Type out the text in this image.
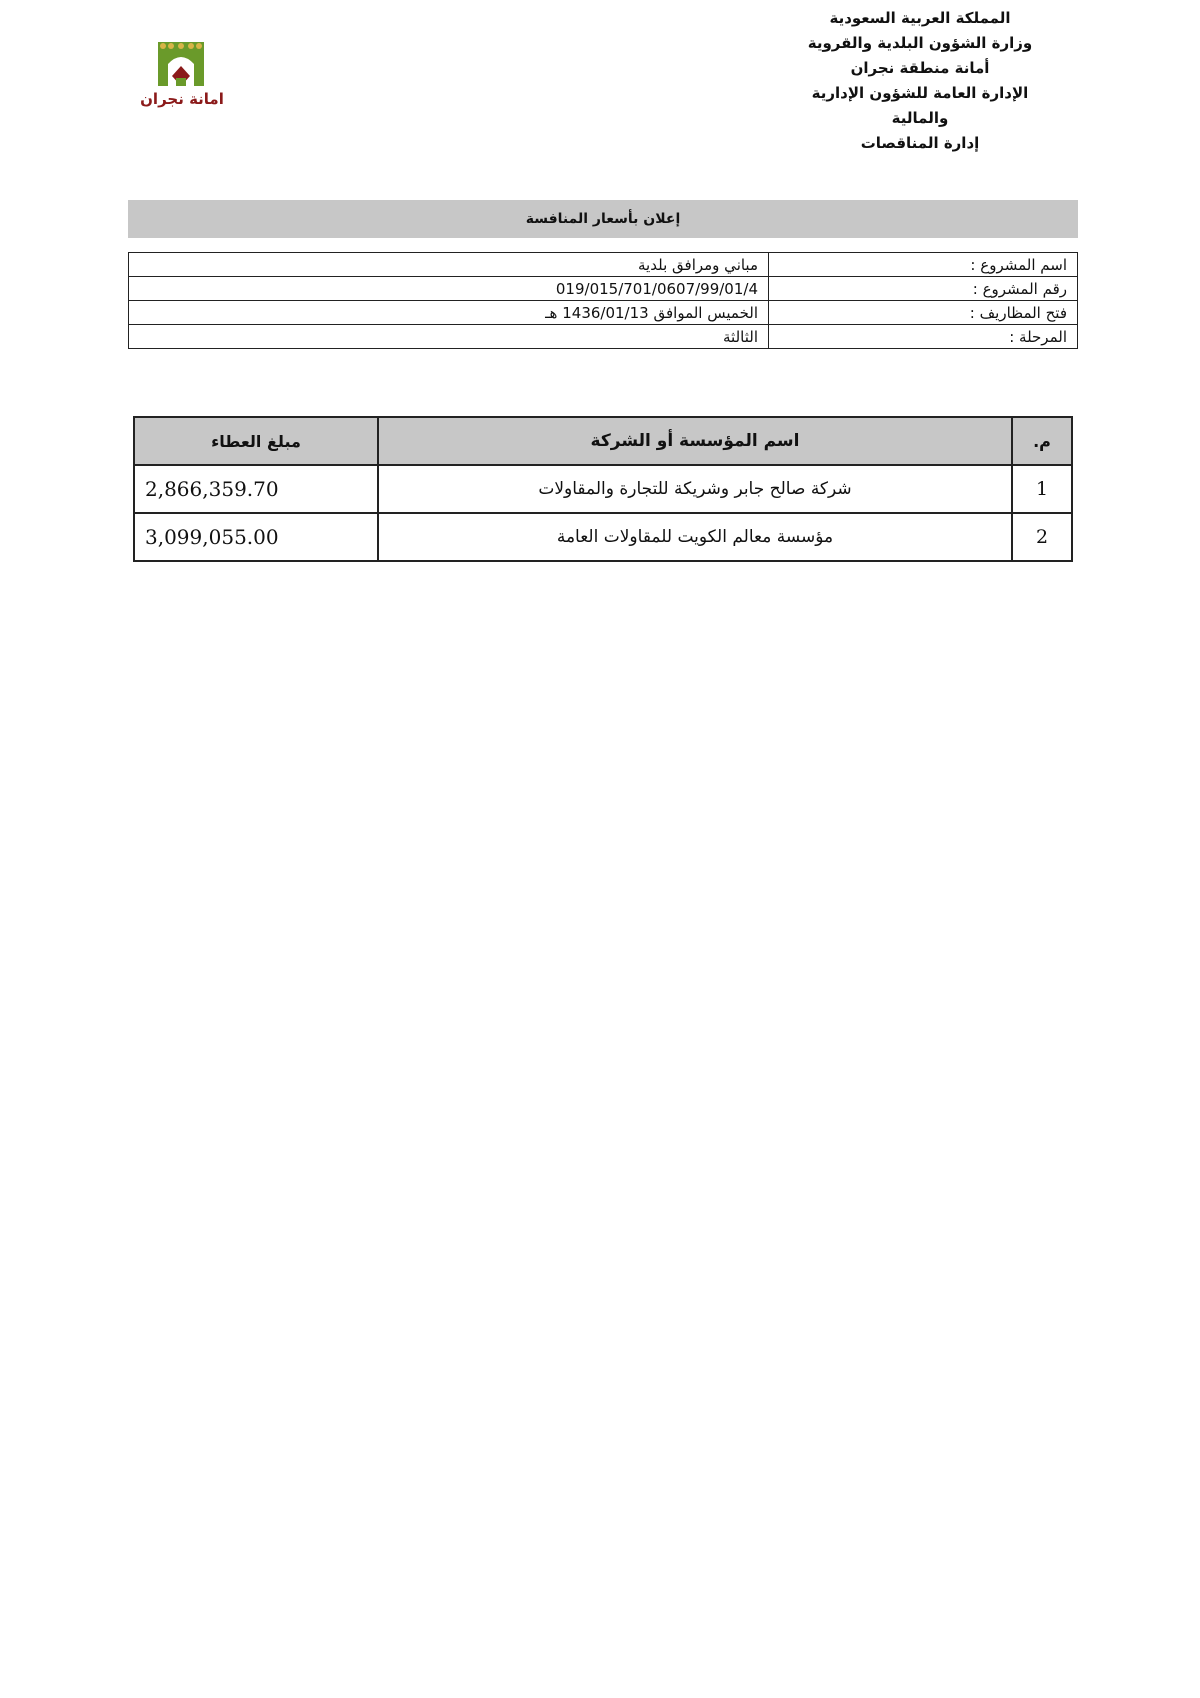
المملكة العربية السعودية
وزارة الشؤون البلدية والقروية
أمانة منطقة نجران
الإدارة العامة للشؤون الإدارية
والمالية
إدارة المناقصات
امانة نجران
إعلان بأسعار المنافسة
اسم المشروع :	مباني ومرافق بلدية
رقم المشروع :	019/015/701/0607/99/01/4
فتح المظاريف :	الخميس الموافق 1436/01/13 هـ
المرحلة :	الثالثة
م.	اسم المؤسسة أو الشركة	مبلغ العطاء
1	شركة صالح جابر وشريكة للتجارة والمقاولات	2,866,359.70
2	مؤسسة معالم الكويت للمقاولات العامة	3,099,055.00
